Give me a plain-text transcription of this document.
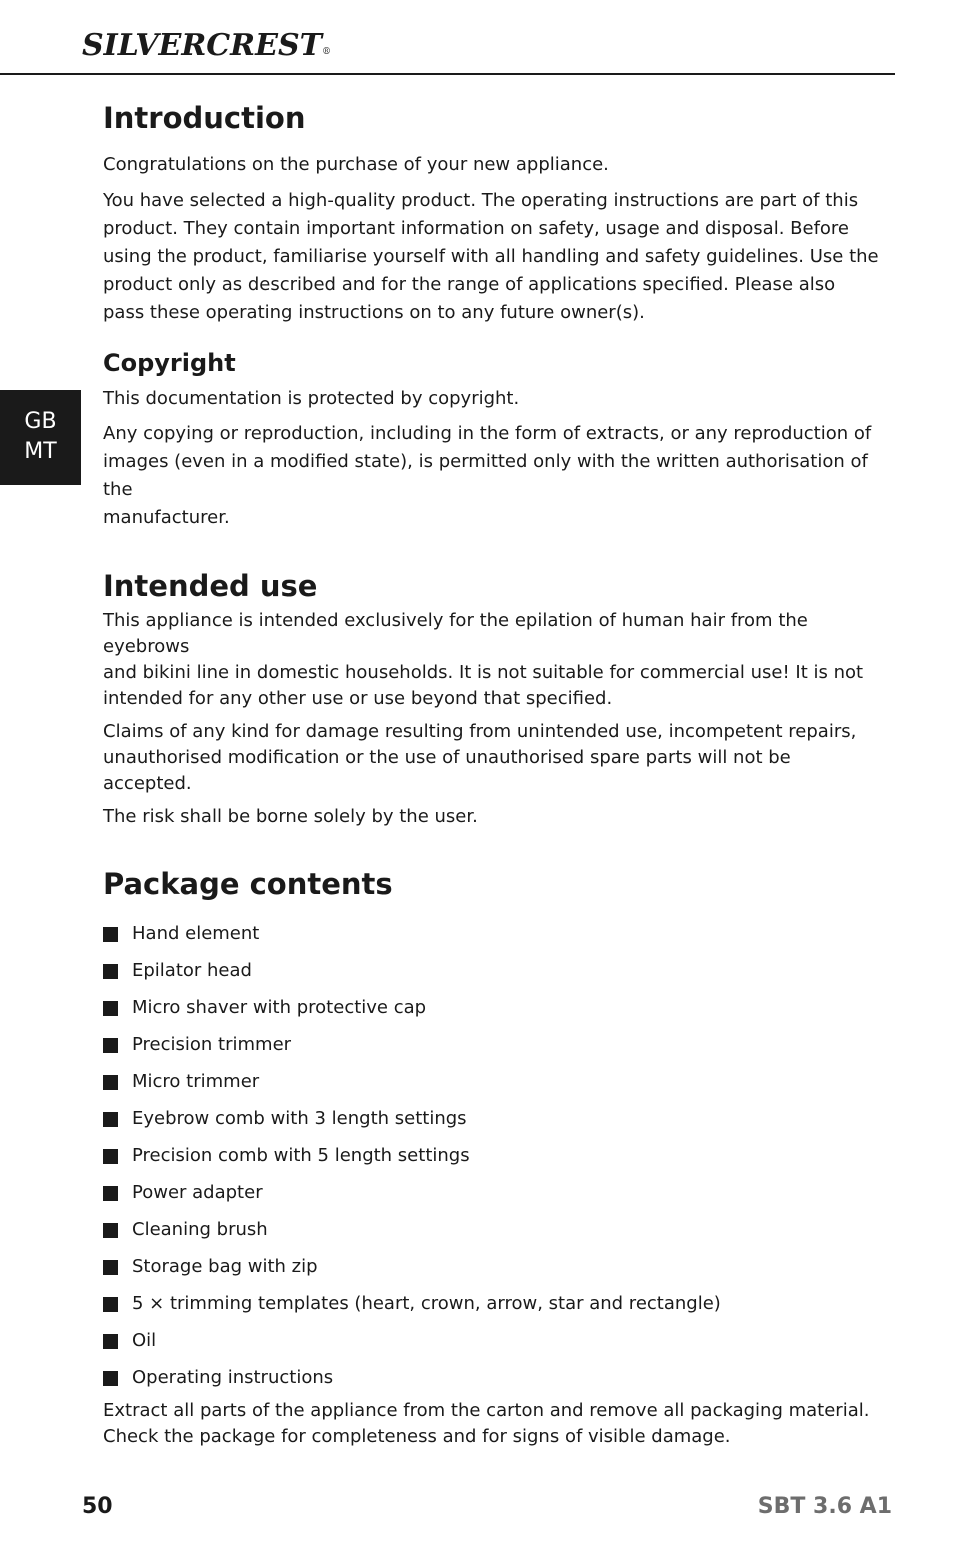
SILVERCREST®
GB
MT
Introduction

Congratulations on the purchase of your new appliance.

You have selected a high-quality product. The operating instructions are part of this

product. They contain important information on safety, usage and disposal. Before

using the product, familiarise yourself with all handling and safety guidelines. Use the

product only as described and for the range of applications specified. Please also

pass these operating instructions on to any future owner(s).

Copyright

This documentation is protected by copyright.

Any copying or reproduction, including in the form of extracts, or any reproduction of

images (even in a modified state), is permitted only with the written authorisation of the

manufacturer.

Intended use

This appliance is intended exclusively for the epilation of human hair from the eyebrows

and bikini line in domestic households. It is not suitable for commercial use! It is not

intended for any other use or use beyond that specified.

Claims of any kind for damage resulting from unintended use, incompetent repairs,

unauthorised modification or the use of unauthorised spare parts will not be accepted.

The risk shall be borne solely by the user.

Package contents
Hand element
Epilator head
Micro shaver with protective cap
Precision trimmer
Micro trimmer
Eyebrow comb with 3 length settings
Precision comb with 5 length settings
Power adapter
Cleaning brush
Storage bag with zip
5 × trimming templates (heart, crown, arrow, star and rectangle)
Oil
Operating instructions

Extract all parts of the appliance from the carton and remove all packaging material.

Check the package for completeness and for signs of visible damage.

50	SBT 3.6 A1
